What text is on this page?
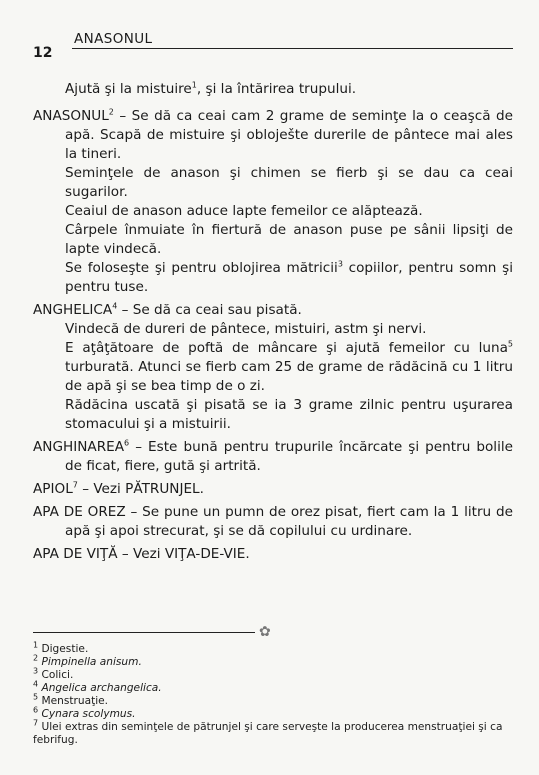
ANASONUL
12

Ajută şi la mistuire$^1$, şi la întărirea trupului.

ANASONUL$^2$ – Se dă ca ceai cam 2 grame de seminţe la o ceaşcă de apă. Scapă de mistuire şi obloješte durerile de pântece mai ales la tineri.

Seminţele de anason şi chimen se fierb şi se dau ca ceai sugarilor.

Ceaiul de anason aduce lapte femeilor ce alăptează.

Cârpele înmuiate în fiertură de anason puse pe sânii lipsiţi de lapte vindecă.

Se foloseşte şi pentru oblojirea mătricii$^3$ copiilor, pentru somn şi pentru tuse.

ANGHELICA$^4$ – Se dă ca ceai sau pisată.

Vindecă de dureri de pântece, mistuiri, astm şi nervi.

E aţâţătoare de poftă de mâncare şi ajută femeilor cu luna$^5$ turburată. Atunci se fierb cam 25 de grame de rădăcină cu 1 litru de apă şi se bea timp de o zi.

Rădăcina uscată şi pisată se ia 3 grame zilnic pentru uşurarea stomacului şi a mistuirii.

ANGHINAREA$^6$ – Este bună pentru trupurile încărcate şi pentru bolile de ficat, fiere, gută şi artrită.

APIOL$^7$ – Vezi PĂTRUNJEL.

APA DE OREZ – Se pune un pumn de orez pisat, fiert cam la 1 litru de apă şi apoi strecurat, şi se dă copilului cu urdinare.

APA DE VIŢĂ – Vezi VIŢA-DE-VIE.

✿

$^1$ Digestie.

$^2$ Pimpinella anisum.

$^3$ Colici.

$^4$ Angelica archangelica.

$^5$ Menstruaţie.

$^6$ Cynara scolymus.

$^7$ Ulei extras din seminţele de pătrunjel şi care serveşte la producerea menstruaţiei şi ca febrifug.
